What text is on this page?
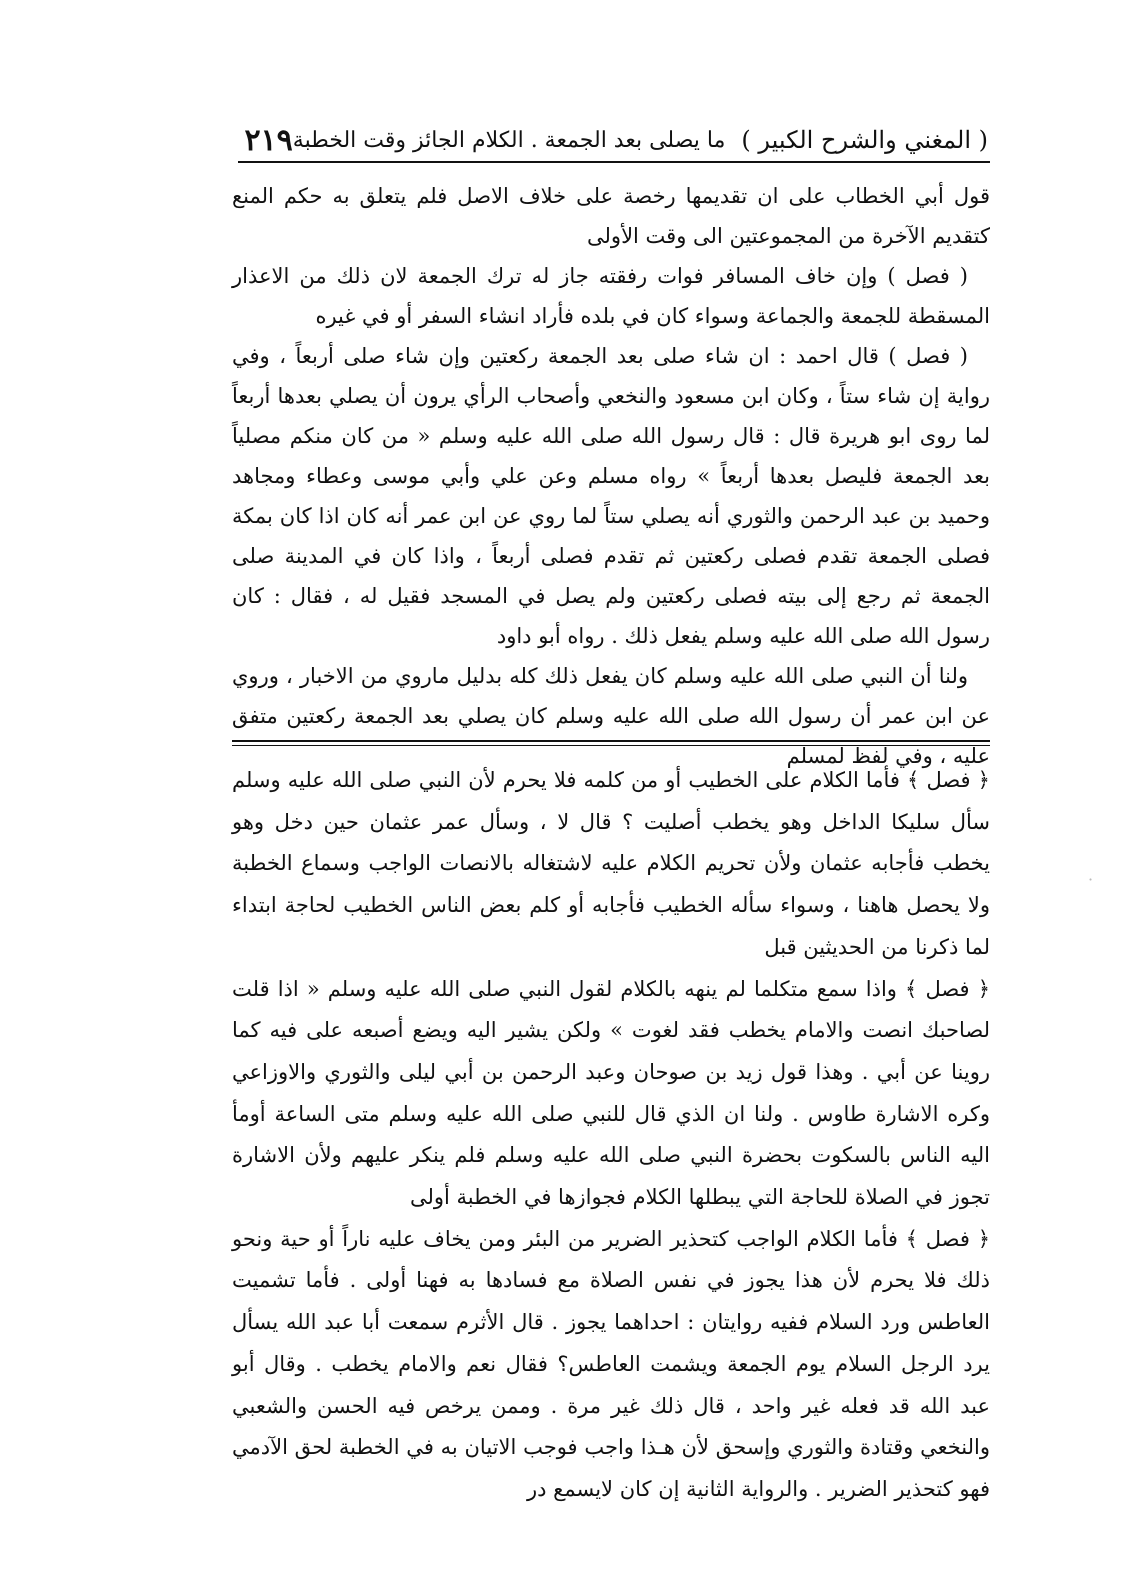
( المغني والشرح الكبير )
ما يصلى بعد الجمعة . الكلام الجائز وقت الخطبة
٢١٩

قول أبي الخطاب على ان تقديمها رخصة على خلاف الاصل فلم يتعلق به حكم المنع كتقديم الآخرة من المجموعتين الى وقت الأولى

( فصل ) وإن خاف المسافر فوات رفقته جاز له ترك الجمعة لان ذلك من الاعذار المسقطة للجمعة والجماعة وسواء كان في بلده فأراد انشاء السفر أو في غيره

( فصل ) قال احمد : ان شاء صلى بعد الجمعة ركعتين وإن شاء صلى أربعاً ، وفي رواية إن شاء ستاً ، وكان ابن مسعود والنخعي وأصحاب الرأي يرون أن يصلي بعدها أربعاً لما روى ابو هريرة قال : قال رسول الله صلى الله عليه وسلم « من كان منكم مصلياً بعد الجمعة فليصل بعدها أربعاً » رواه مسلم وعن علي وأبي موسى وعطاء ومجاهد وحميد بن عبد الرحمن والثوري أنه يصلي ستاً لما روي عن ابن عمر أنه كان اذا كان بمكة فصلى الجمعة تقدم فصلى ركعتين ثم تقدم فصلى أربعاً ، واذا كان في المدينة صلى الجمعة ثم رجع إلى بيته فصلى ركعتين ولم يصل في المسجد فقيل له ، فقال : كان رسول الله صلى الله عليه وسلم يفعل ذلك . رواه أبو داود

ولنا أن النبي صلى الله عليه وسلم كان يفعل ذلك كله بدليل ماروي من الاخبار ، وروي عن ابن عمر أن رسول الله صلى الله عليه وسلم كان يصلي بعد الجمعة ركعتين متفق عليه ، وفي لفظ لمسلم

﴿ فصل ﴾ فأما الكلام على الخطيب أو من كلمه فلا يحرم لأن النبي صلى الله عليه وسلم سأل سليكا الداخل وهو يخطب أصليت ؟ قال لا ، وسأل عمر عثمان حين دخل وهو يخطب فأجابه عثمان ولأن تحريم الكلام عليه لاشتغاله بالانصات الواجب وسماع الخطبة ولا يحصل هاهنا ، وسواء سأله الخطيب فأجابه أو كلم بعض الناس الخطيب لحاجة ابتداء لما ذكرنا من الحديثين قبل

﴿ فصل ﴾ واذا سمع متكلما لم ينهه بالكلام لقول النبي صلى الله عليه وسلم « اذا قلت لصاحبك انصت والامام يخطب فقد لغوت » ولكن يشير اليه ويضع أصبعه على فيه كما روينا عن أبي . وهذا قول زيد بن صوحان وعبد الرحمن بن أبي ليلى والثوري والاوزاعي وكره الاشارة طاوس . ولنا ان الذي قال للنبي صلى الله عليه وسلم متى الساعة أومأ اليه الناس بالسكوت بحضرة النبي صلى الله عليه وسلم فلم ينكر عليهم ولأن الاشارة تجوز في الصلاة للحاجة التي يبطلها الكلام فجوازها في الخطبة أولى

﴿ فصل ﴾ فأما الكلام الواجب كتحذير الضرير من البئر ومن يخاف عليه ناراً أو حية ونحو ذلك فلا يحرم لأن هذا يجوز في نفس الصلاة مع فسادها به فهنا أولى . فأما تشميت العاطس ورد السلام ففيه روايتان : احداهما يجوز . قال الأثرم سمعت أبا عبد الله يسأل يرد الرجل السلام يوم الجمعة ويشمت العاطس؟ فقال نعم والامام يخطب . وقال أبو عبد الله قد فعله غير واحد ، قال ذلك غير مرة . وممن يرخص فيه الحسن والشعبي والنخعي وقتادة والثوري وإسحق لأن هـذا واجب فوجب الاتيان به في الخطبة لحق الآدمي فهو كتحذير الضرير . والرواية الثانية إن كان لايسمع در

·
